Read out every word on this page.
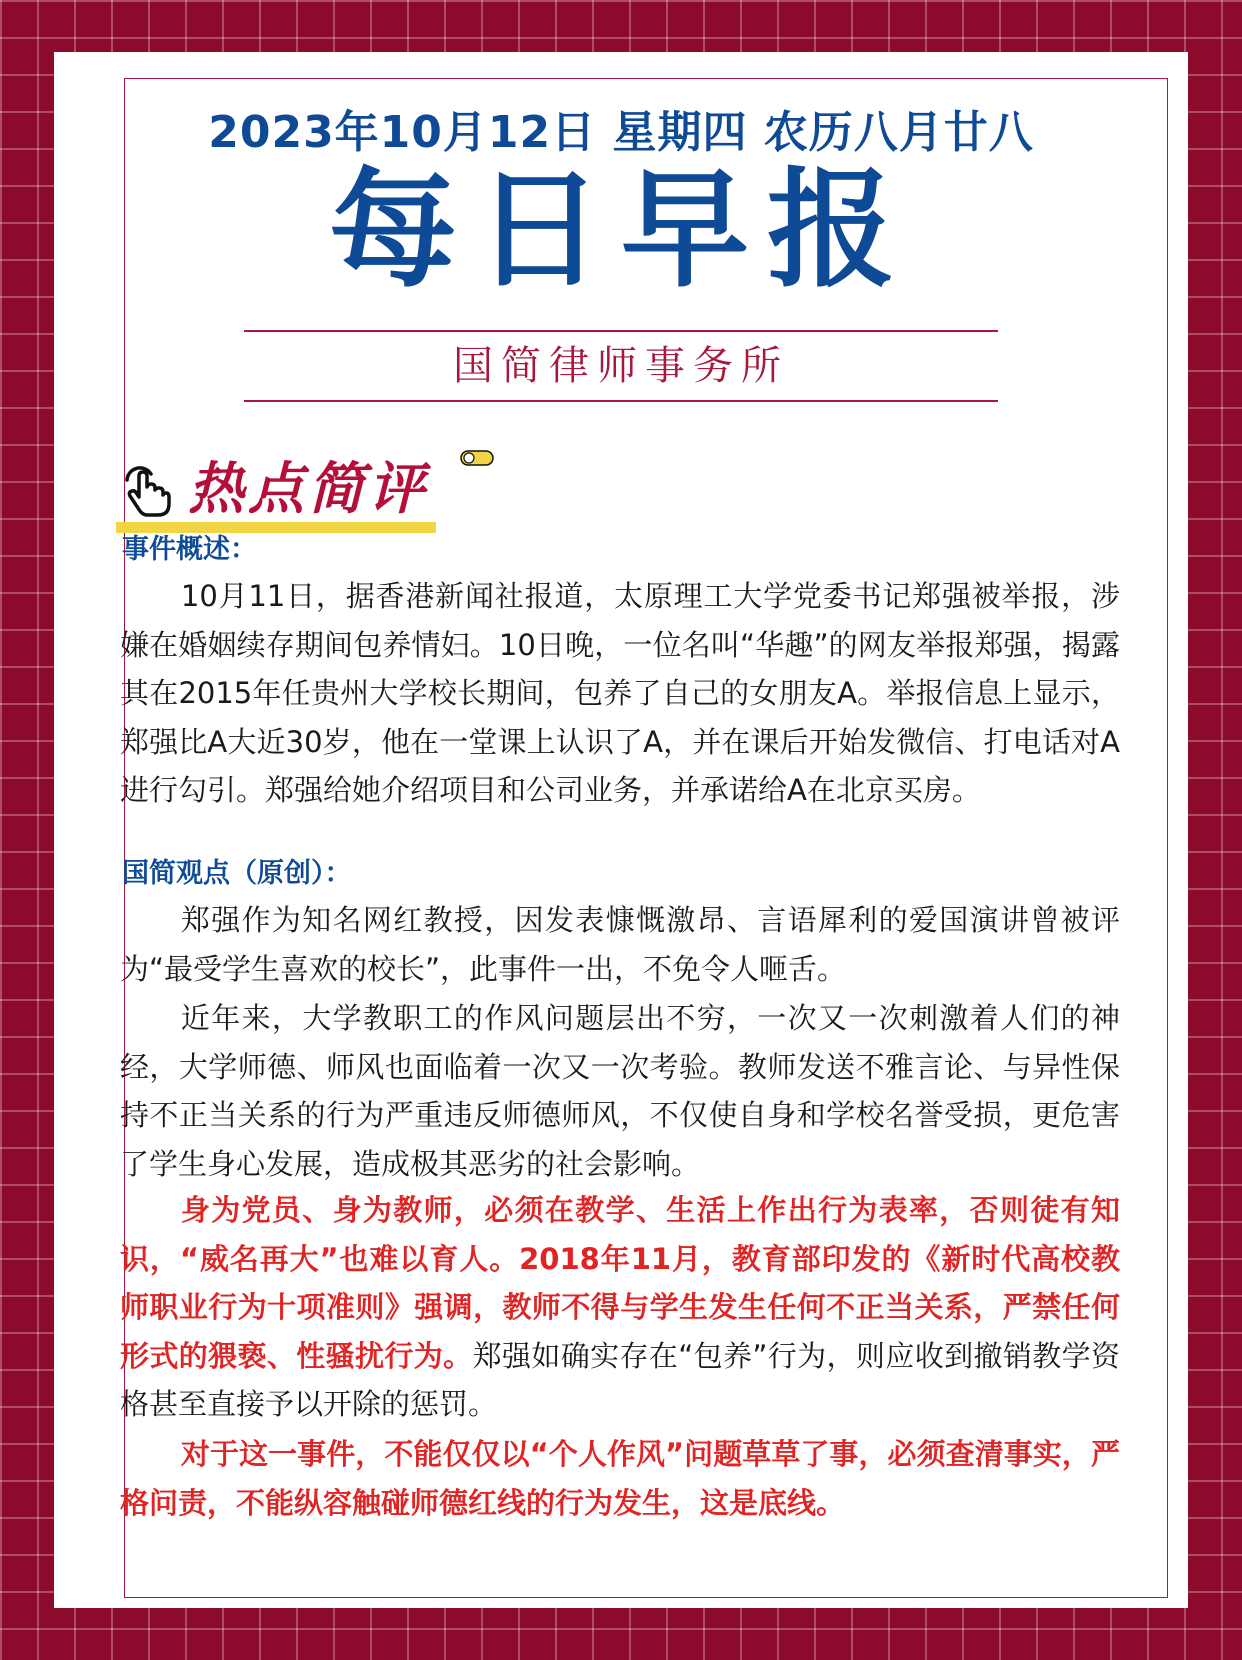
2023年10月12日 星期四 农历八月廿八
每日早报
国简律师事务所
热点简评
事件概述：

10月11日，据香港新闻社报道，太原理工大学党委书记郑强被举报，涉嫌在婚姻续存期间包养情妇。10日晚，一位名叫“华趣”的网友举报郑强，揭露其在2015年任贵州大学校长期间，包养了自己的女朋友A。举报信息上显示，郑强比A大近30岁，他在一堂课上认识了A，并在课后开始发微信、打电话对A进行勾引。郑强给她介绍项目和公司业务，并承诺给A在北京买房。

国简观点（原创）：

郑强作为知名网红教授，因发表慷慨激昂、言语犀利的爱国演讲曾被评为“最受学生喜欢的校长”，此事件一出，不免令人咂舌。

近年来，大学教职工的作风问题层出不穷，一次又一次刺激着人们的神经，大学师德、师风也面临着一次又一次考验。教师发送不雅言论、与异性保持不正当关系的行为严重违反师德师风，不仅使自身和学校名誉受损，更危害了学生身心发展，造成极其恶劣的社会影响。

身为党员、身为教师，必须在教学、生活上作出行为表率，否则徒有知识，“威名再大”也难以育人。2018年11月，教育部印发的《新时代高校教师职业行为十项准则》强调，教师不得与学生发生任何不正当关系，严禁任何形式的猥亵、性骚扰行为。郑强如确实存在“包养”行为，则应收到撤销教学资格甚至直接予以开除的惩罚。

对于这一事件，不能仅仅以“个人作风”问题草草了事，必须查清事实，严格问责，不能纵容触碰师德红线的行为发生，这是底线。
